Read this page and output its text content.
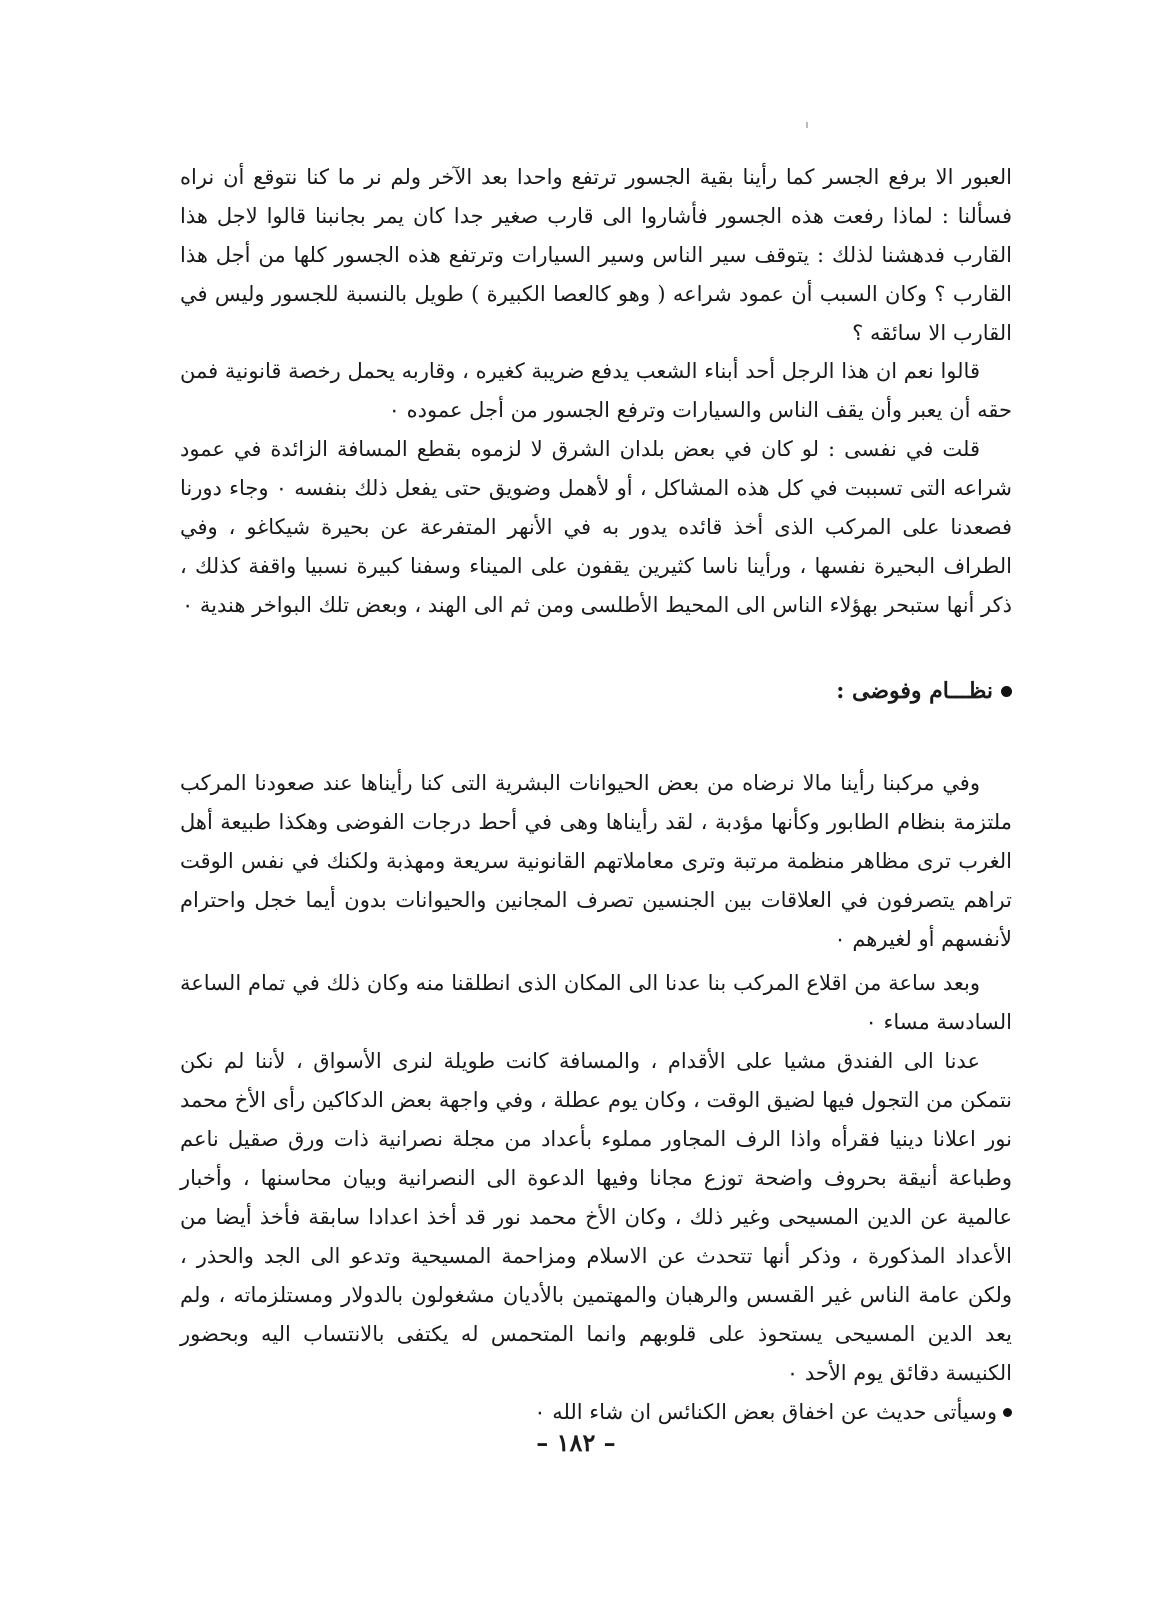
العبور الا برفع الجسر كما رأينا بقية الجسور ترتفع واحدا بعد الآخر ولم نر ما كنا نتوقع أن نراه فسألنا : لماذا رفعت هذه الجسور فأشاروا الى قارب صغير جدا كان يمر بجانبنا قالوا لاجل هذا القارب فدهشنا لذلك : يتوقف سير الناس وسير السيارات وترتفع هذه الجسور كلها من أجل هذا القارب ؟ وكان السبب أن عمود شراعه ( وهو كالعصا الكبيرة ) طويل بالنسبة للجسور وليس في القارب الا سائقه ؟

قالوا نعم ان هذا الرجل أحد أبناء الشعب يدفع ضريبة كغيره ، وقاربه يحمل رخصة قانونية فمن حقه أن يعبر وأن يقف الناس والسيارات وترفع الجسور من أجل عموده ٠

قلت في نفسى : لو كان في بعض بلدان الشرق لا لزموه بقطع المسافة الزائدة في عمود شراعه التى تسببت في كل هذه المشاكل ، أو لأهمل وضويق حتى يفعل ذلك بنفسه ٠ وجاء دورنا فصعدنا على المركب الذى أخذ قائده يدور به في الأنهر المتفرعة عن بحيرة شيكاغو ، وفي الطراف البحيرة نفسها ، ورأينا ناسا كثيرين يقفون على الميناء وسفنا كبيرة نسبيا واقفة كذلك ، ذكر أنها ستبحر بهؤلاء الناس الى المحيط الأطلسى ومن ثم الى الهند ، وبعض تلك البواخر هندية ٠

نظـــام وفوضى :

وفي مركبنا رأينا مالا نرضاه من بعض الحيوانات البشرية التى كنا رأيناها عند صعودنا المركب ملتزمة بنظام الطابور وكأنها مؤدبة ، لقد رأيناها وهى في أحط درجات الفوضى وهكذا طبيعة أهل الغرب ترى مظاهر منظمة مرتبة وترى معاملاتهم القانونية سريعة ومهذبة ولكنك في نفس الوقت تراهم يتصرفون في العلاقات بين الجنسين تصرف المجانين والحيوانات بدون أيما خجل واحترام لأنفسهم أو لغيرهم ٠

وبعد ساعة من اقلاع المركب بنا عدنا الى المكان الذى انطلقنا منه وكان ذلك في تمام الساعة السادسة مساء ٠

عدنا الى الفندق مشيا على الأقدام ، والمسافة كانت طويلة لنرى الأسواق ، لأننا لم نكن نتمكن من التجول فيها لضيق الوقت ، وكان يوم عطلة ، وفي واجهة بعض الدكاكين رأى الأخ محمد نور اعلانا دينيا فقرأه واذا الرف المجاور مملوء بأعداد من مجلة نصرانية ذات ورق صقيل ناعم وطباعة أنيقة بحروف واضحة توزع مجانا وفيها الدعوة الى النصرانية وبيان محاسنها ، وأخبار عالمية عن الدين المسيحى وغير ذلك ، وكان الأخ محمد نور قد أخذ اعدادا سابقة فأخذ أيضا من الأعداد المذكورة ، وذكر أنها تتحدث عن الاسلام ومزاحمة المسيحية وتدعو الى الجد والحذر ، ولكن عامة الناس غير القسس والرهبان والمهتمين بالأديان مشغولون بالدولار ومستلزماته ، ولم يعد الدين المسيحى يستحوذ على قلوبهم وانما المتحمس له يكتفى بالانتساب اليه وبحضور الكنيسة دقائق يوم الأحد ٠

وسيأتى حديث عن اخفاق بعض الكنائس ان شاء الله ٠

– ١٨٢ –
